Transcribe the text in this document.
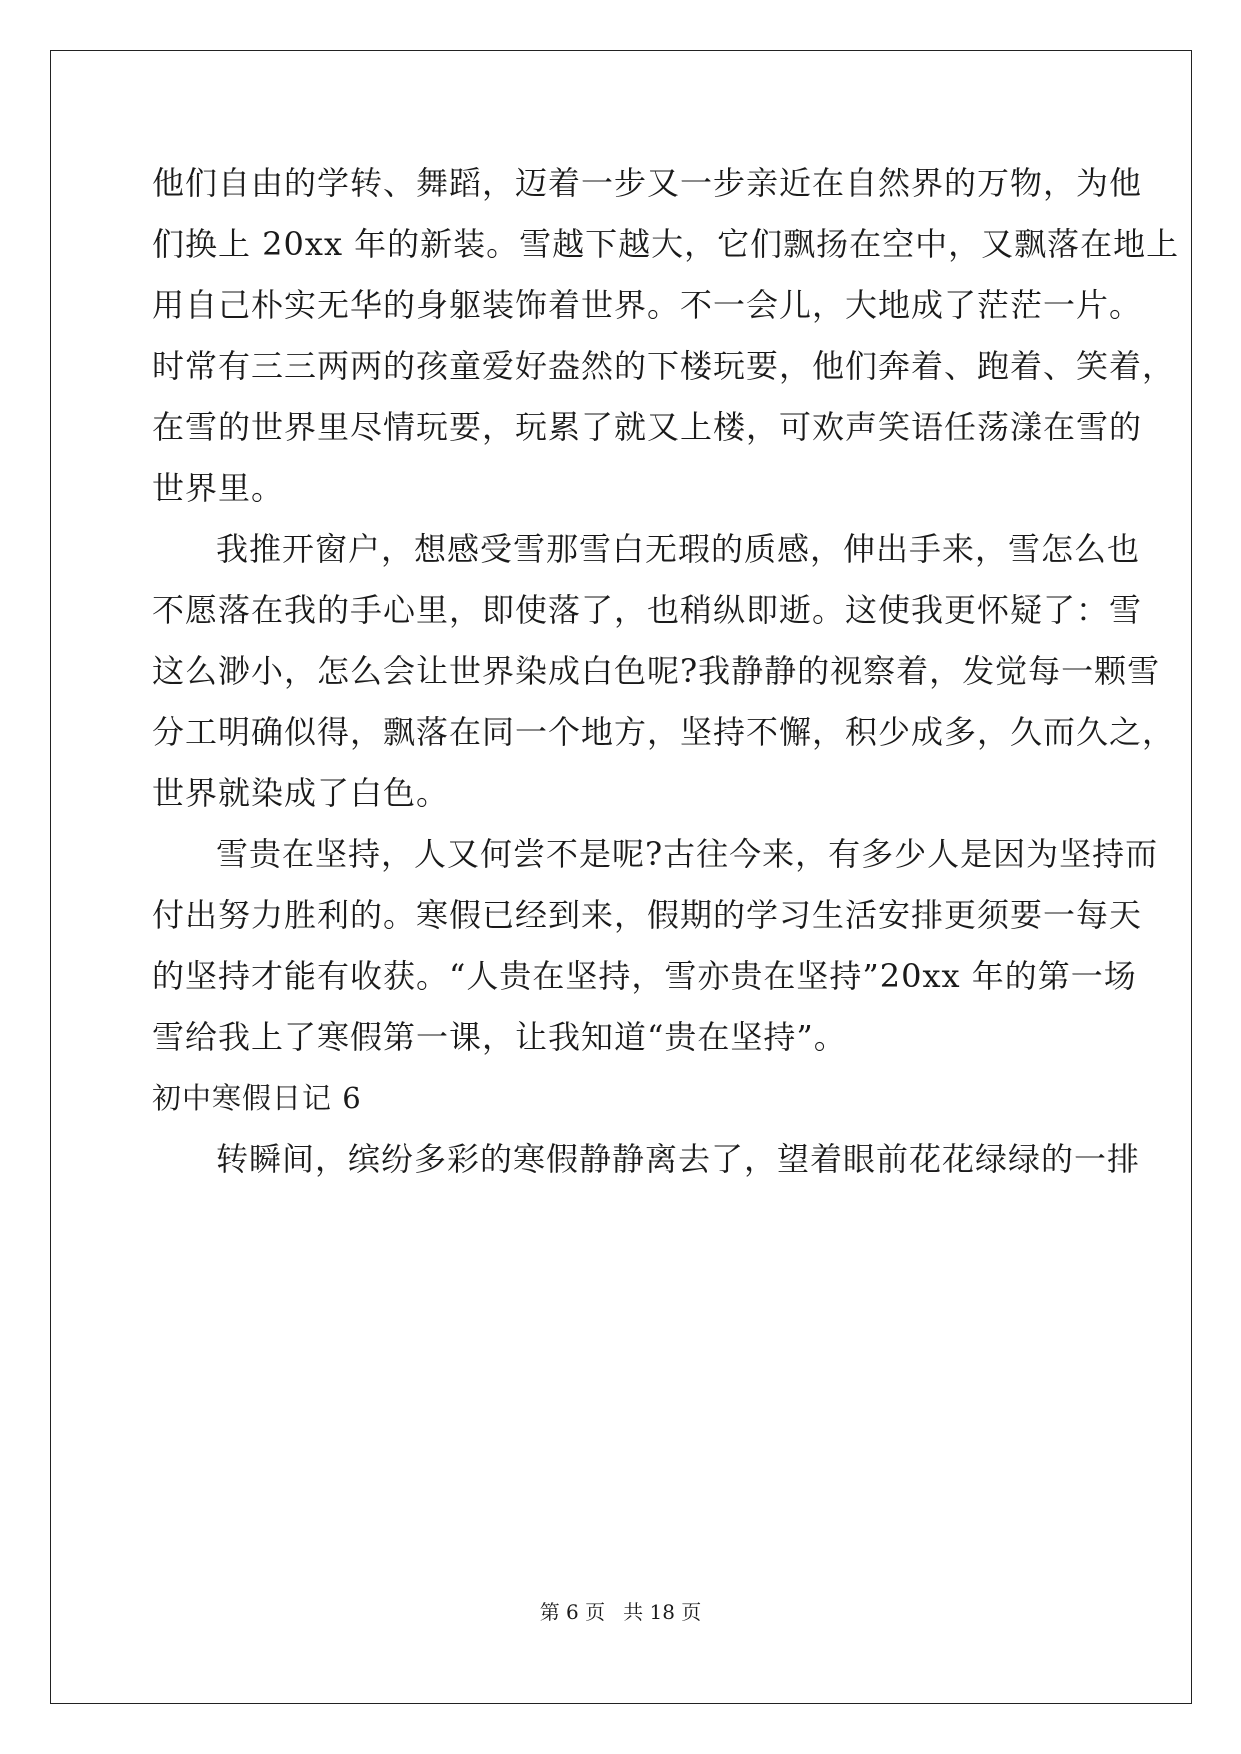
他们自由的学转、舞蹈，迈着一步又一步亲近在自然界的万物，为他
们换上 20xx 年的新装。雪越下越大，它们飘扬在空中，又飘落在地上
用自己朴实无华的身躯装饰着世界。不一会儿，大地成了茫茫一片。
时常有三三两两的孩童爱好盎然的下楼玩要，他们奔着、跑着、笑着，
在雪的世界里尽情玩要，玩累了就又上楼，可欢声笑语任荡漾在雪的
世界里。
我推开窗户，想感受雪那雪白无瑕的质感，伸出手来，雪怎么也
不愿落在我的手心里，即使落了，也稍纵即逝。这使我更怀疑了：雪
这么渺小，怎么会让世界染成白色呢?我静静的视察着，发觉每一颗雪
分工明确似得，飘落在同一个地方，坚持不懈，积少成多，久而久之，
世界就染成了白色。
雪贵在坚持，人又何尝不是呢?古往今来，有多少人是因为坚持而
付出努力胜利的。寒假已经到来，假期的学习生活安排更须要一每天
的坚持才能有收获。“人贵在坚持，雪亦贵在坚持”20xx 年的第一场
雪给我上了寒假第一课，让我知道“贵在坚持”。
初中寒假日记 6
转瞬间，缤纷多彩的寒假静静离去了，望着眼前花花绿绿的一排
第 6 页 共 18 页
